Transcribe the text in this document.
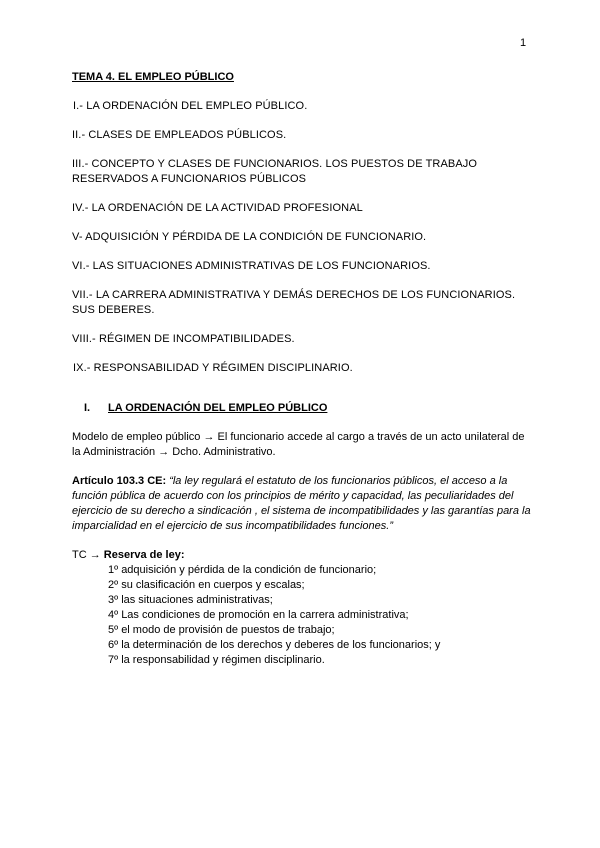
1
TEMA 4. EL EMPLEO PÚBLICO
I.- LA ORDENACIÓN DEL EMPLEO PÚBLICO.
II.- CLASES DE EMPLEADOS PÚBLICOS.
III.- CONCEPTO Y CLASES DE FUNCIONARIOS. LOS PUESTOS DE TRABAJO RESERVADOS A FUNCIONARIOS PÚBLICOS
IV.- LA ORDENACIÓN DE LA ACTIVIDAD PROFESIONAL
V- ADQUISICIÓN Y PÉRDIDA DE LA CONDICIÓN DE FUNCIONARIO.
VI.- LAS SITUACIONES ADMINISTRATIVAS DE LOS FUNCIONARIOS.
VII.- LA CARRERA ADMINISTRATIVA Y DEMÁS DERECHOS DE LOS FUNCIONARIOS. SUS DEBERES.
VIII.- RÉGIMEN DE INCOMPATIBILIDADES.
IX.- RESPONSABILIDAD Y RÉGIMEN DISCIPLINARIO.
I.	LA ORDENACIÓN DEL EMPLEO PÚBLICO
Modelo de empleo público → El funcionario accede al cargo a través de un acto unilateral de la Administración → Dcho. Administrativo.
Artículo 103.3 CE: “la ley regulará el estatuto de los funcionarios públicos, el acceso a la función pública de acuerdo con los principios de mérito y capacidad, las peculiaridades del ejercicio de su derecho a sindicación , el sistema de incompatibilidades y las garantías para la imparcialidad en el ejercicio de sus incompatibilidades funciones.”
TC → Reserva de ley:
1º adquisición y pérdida de la condición de funcionario;
2º su clasificación en cuerpos y escalas;
3º las situaciones administrativas;
4º Las condiciones de promoción en la carrera administrativa;
5º el modo de provisión de puestos de trabajo;
6º la determinación de los derechos y deberes de los funcionarios; y
7º la responsabilidad y régimen disciplinario.
